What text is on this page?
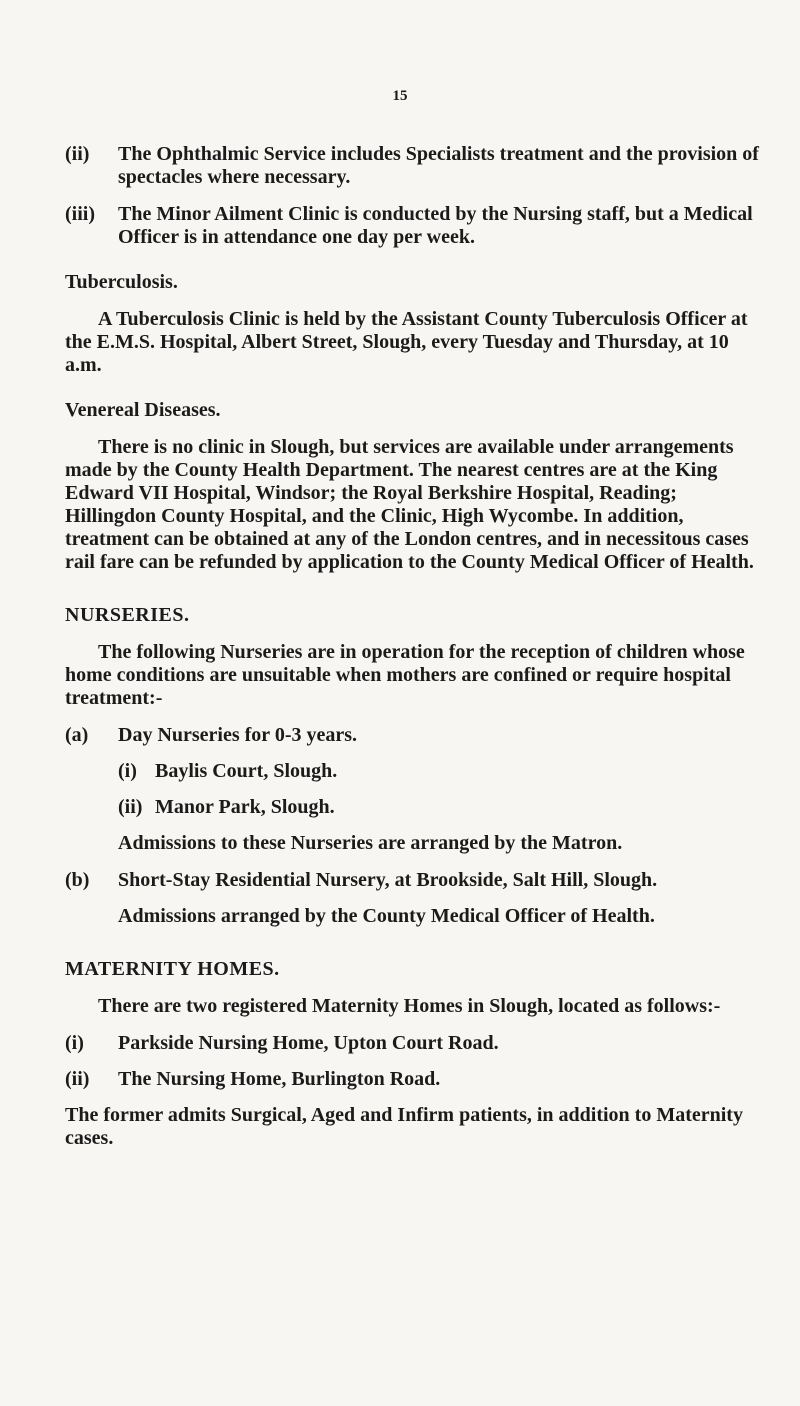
15
(ii) The Ophthalmic Service includes Specialists treatment and the provision of spectacles where necessary.
(iii) The Minor Ailment Clinic is conducted by the Nursing staff, but a Medical Officer is in attendance one day per week.

Tuberculosis.

A Tuberculosis Clinic is held by the Assistant County Tuberculosis Officer at the E.M.S. Hospital, Albert Street, Slough, every Tuesday and Thursday, at 10 a.m.

Venereal Diseases.

There is no clinic in Slough, but services are available under arrangements made by the County Health Department. The nearest centres are at the King Edward VII Hospital, Windsor; the Royal Berkshire Hospital, Reading; Hillingdon County Hospital, and the Clinic, High Wycombe. In addition, treatment can be obtained at any of the London centres, and in necessitous cases rail fare can be refunded by application to the County Medical Officer of Health.

NURSERIES.

The following Nurseries are in operation for the reception of children whose home conditions are unsuitable when mothers are confined or require hospital treatment:-

(a) Day Nurseries for 0-3 years.
(i) Baylis Court, Slough.
(ii) Manor Park, Slough.

Admissions to these Nurseries are arranged by the Matron.

(b) Short-Stay Residential Nursery, at Brookside, Salt Hill, Slough.

Admissions arranged by the County Medical Officer of Health.

MATERNITY HOMES.

There are two registered Maternity Homes in Slough, located as follows:-

(i) Parkside Nursing Home, Upton Court Road.
(ii) The Nursing Home, Burlington Road.

The former admits Surgical, Aged and Infirm patients, in addition to Maternity cases.
